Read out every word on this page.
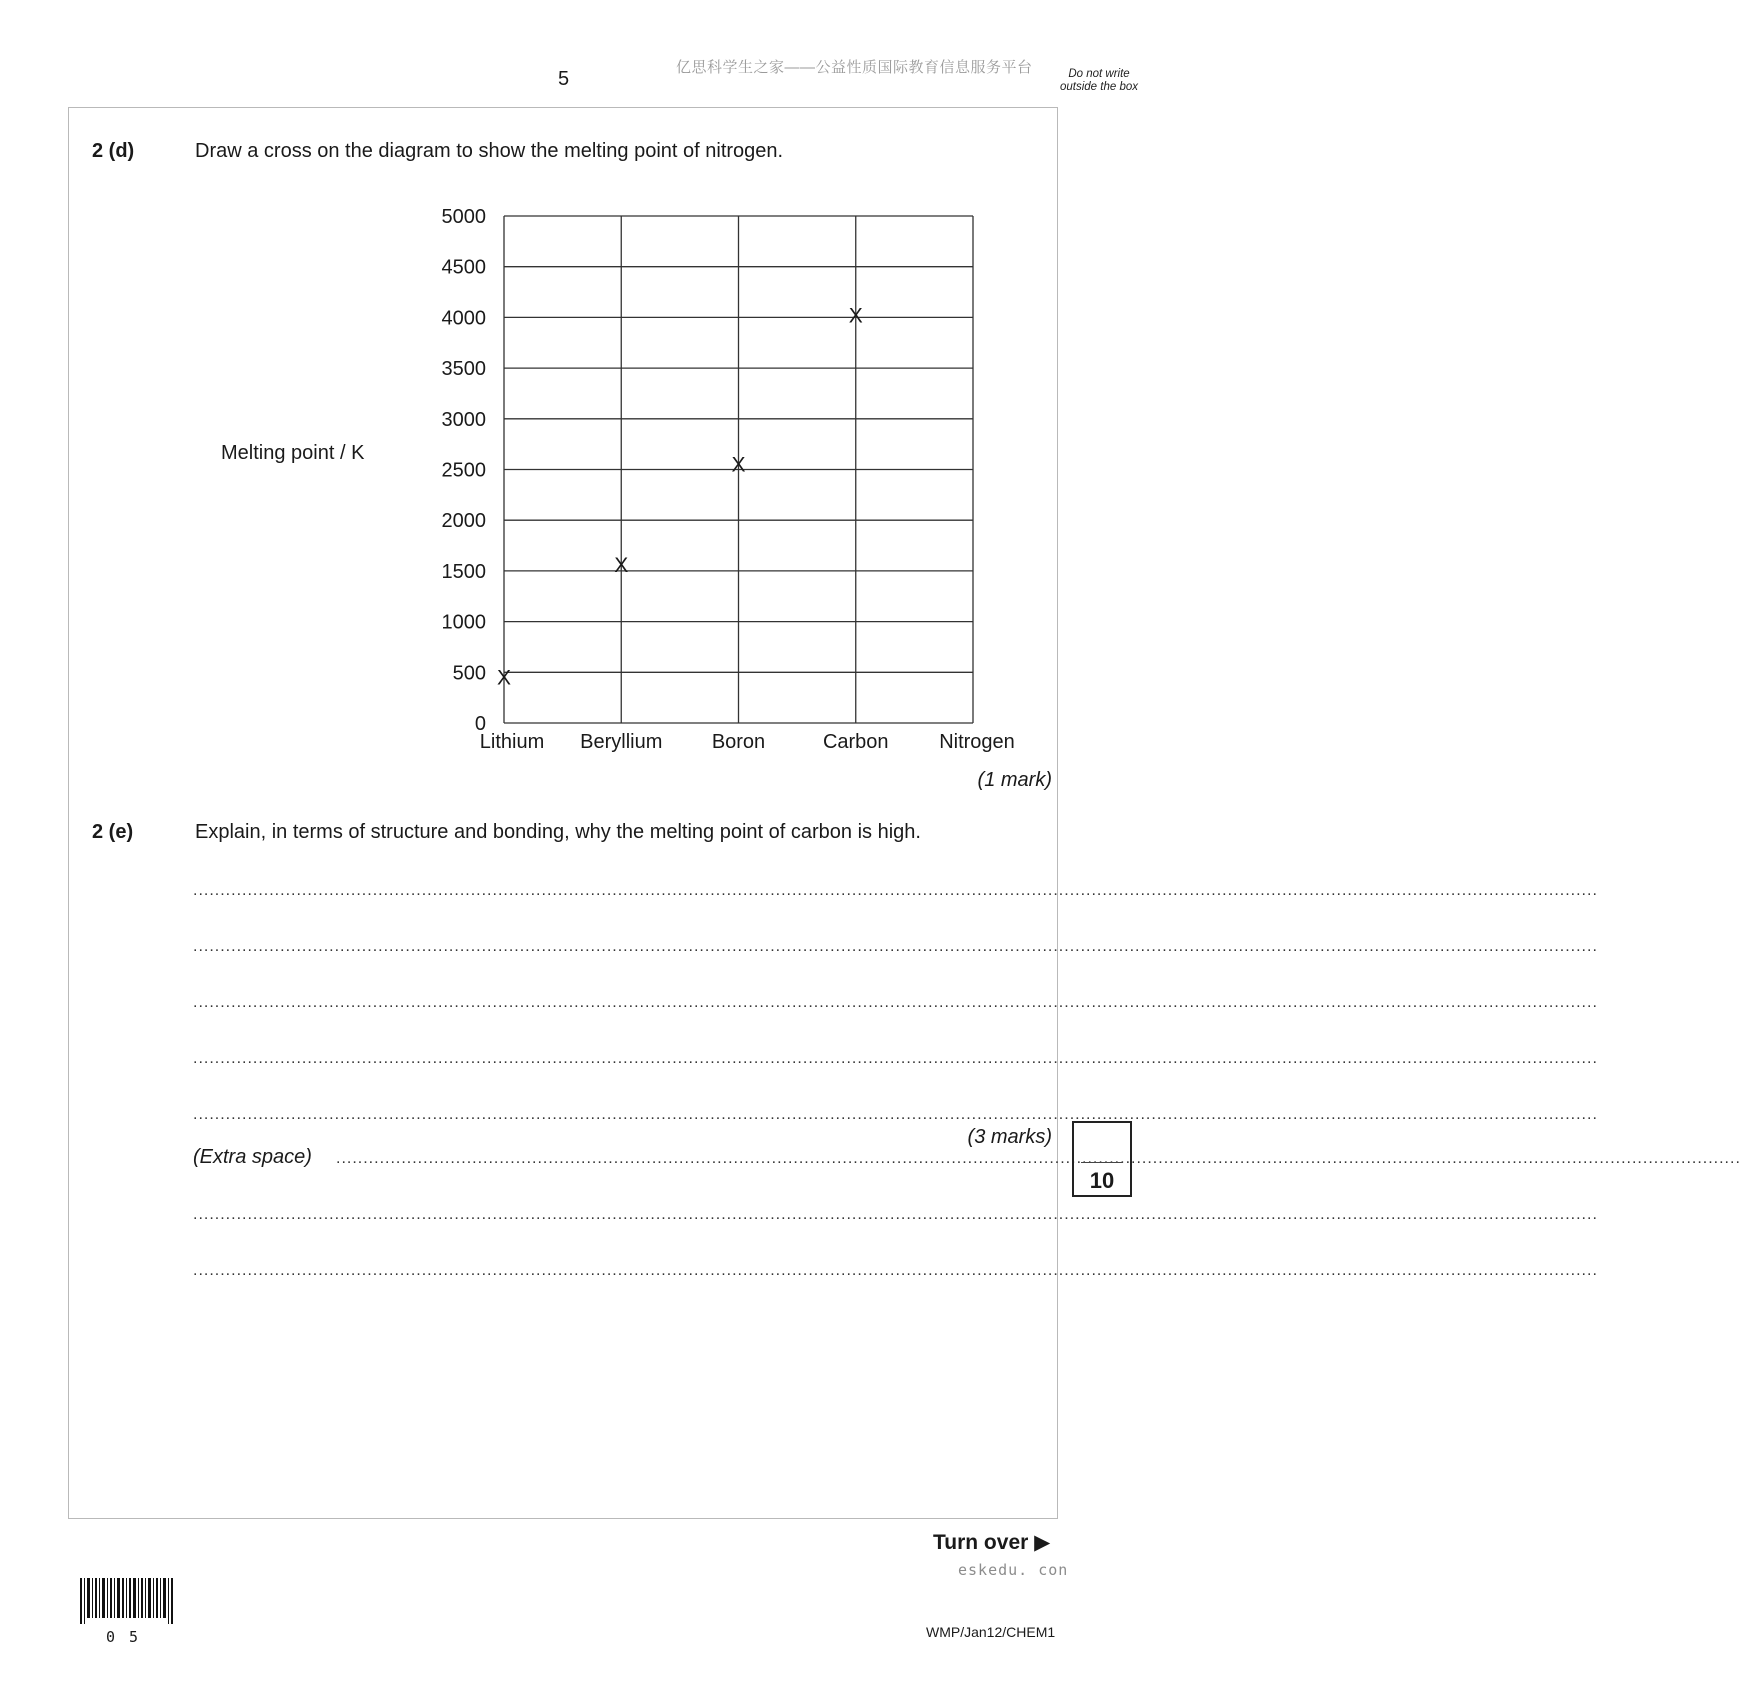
5
亿思科学生之家——公益性质国际教育信息服务平台	Do not write outside the box
2 (d)	Draw a cross on the diagram to show the melting point of nitrogen.
Melting point / K
0
500
1000
1500
2000
2500
3000
3500
4000
4500
5000
Lithium Beryllium Boron	Carbon	Nitrogen
X
X
X
X
(1 mark)
2 (e)	Explain, in terms of structure and bonding, why the melting point of carbon is high.
..................................................................................................................................................................................................................................................................
..................................................................................................................................................................................................................................................................
..................................................................................................................................................................................................................................................................
..................................................................................................................................................................................................................................................................
..................................................................................................................................................................................................................................................................
(3 marks)
(Extra space) ..................................................................................................................................................................................................................................................................
..................................................................................................................................................................................................................................................................
..................................................................................................................................................................................................................................................................
10
Turn over ▶
eskedu. con
05	WMP/Jan12/CHEM1
